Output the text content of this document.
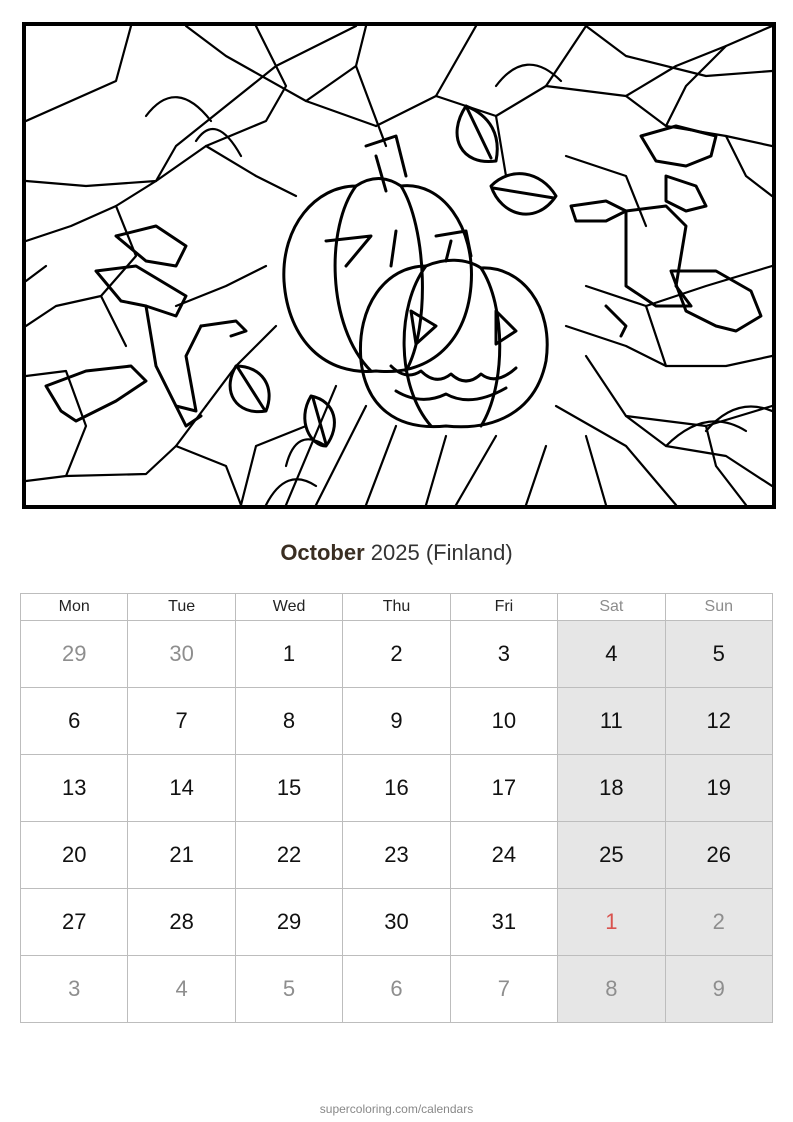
October 2025 (Finland)
Mon	Tue	Wed	Thu	Fri	Sat	Sun
29	30	1	2	3	4	5
6	7	8	9	10	11	12
13	14	15	16	17	18	19
20	21	22	23	24	25	26
27	28	29	30	31	1	2
3	4	5	6	7	8	9
supercoloring.com/calendars
